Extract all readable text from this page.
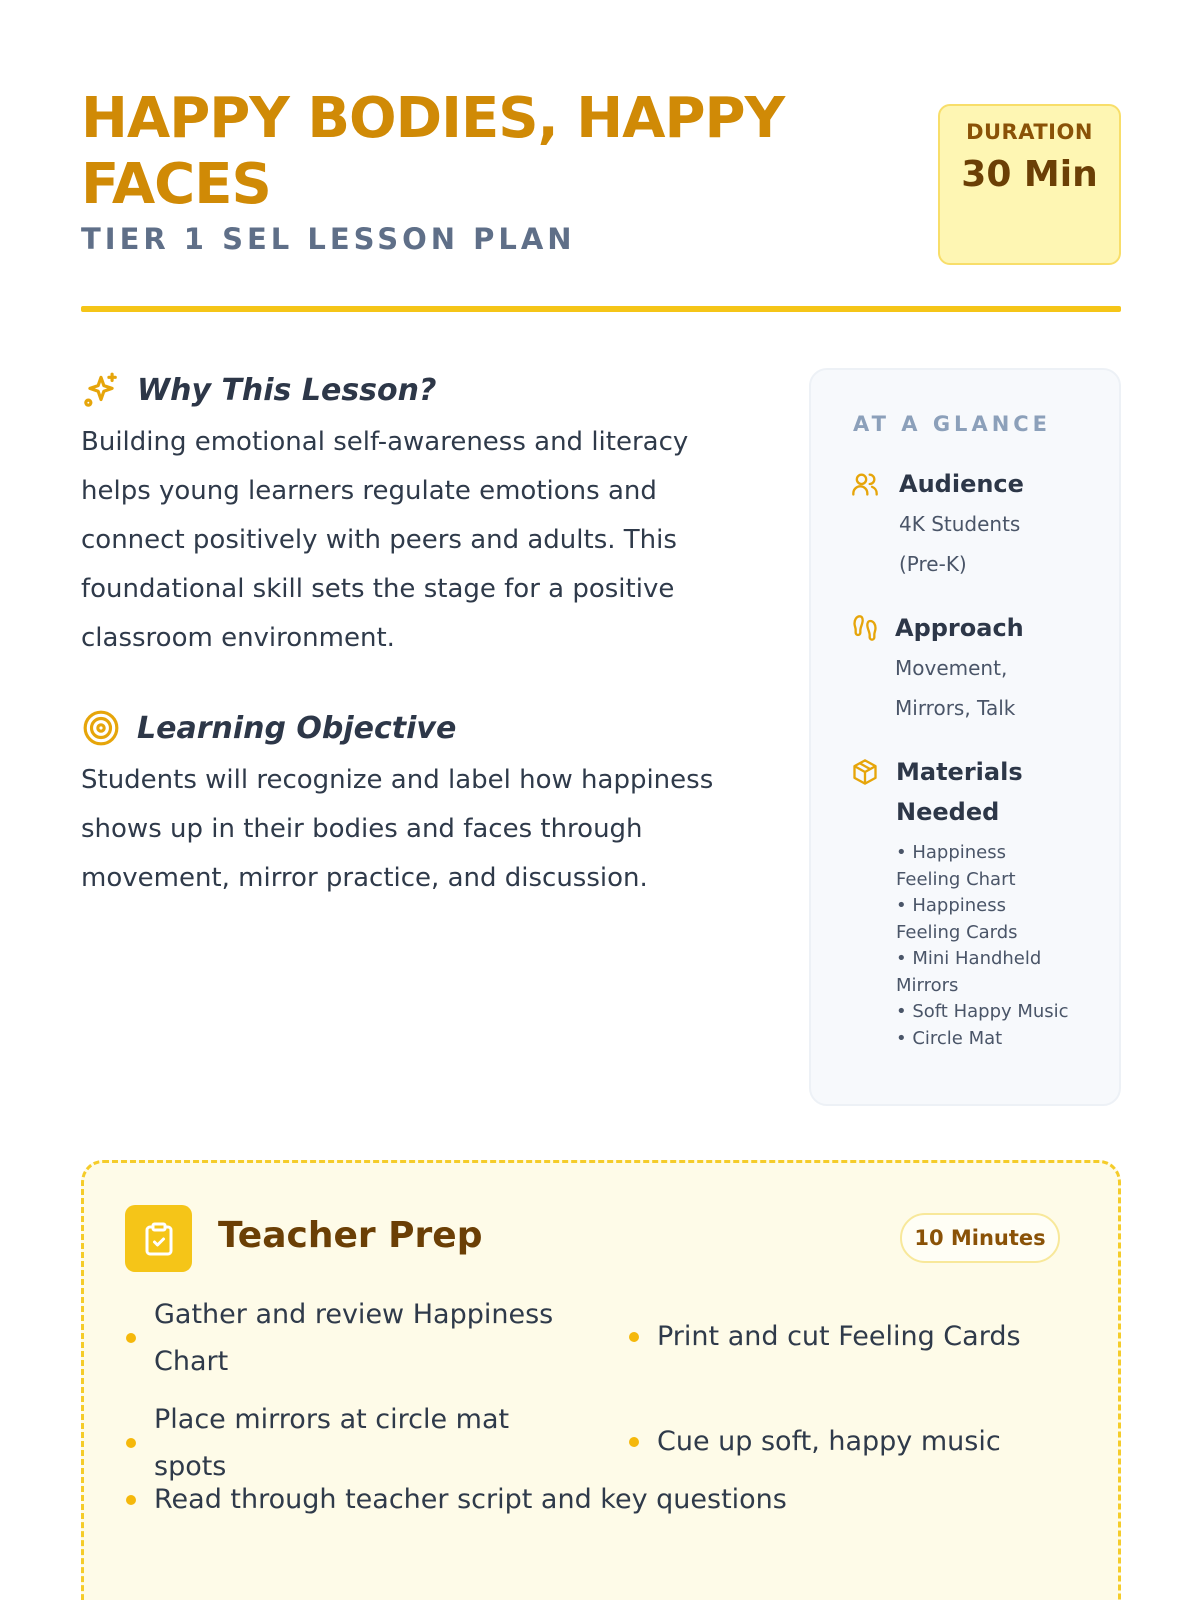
HAPPY BODIES, HAPPY FACES
TIER 1 SEL LESSON PLAN
DURATION
30 Min
Why This Lesson?

Building emotional self-awareness and literacy helps young learners regulate emotions and connect positively with peers and adults. This foundational skill sets the stage for a positive classroom environment.

Learning Objective

Students will recognize and label how happiness shows up in their bodies and faces through movement, mirror practice, and discussion.

AT A GLANCE
Audience
4K Students (Pre-K)
Approach
Movement, Mirrors, Talk
Materials Needed
• Happiness Feeling Chart
• Happiness Feeling Cards
• Mini Handheld Mirrors
• Soft Happy Music
• Circle Mat
Teacher Prep	10 Minutes
Gather and review Happiness Chart
Print and cut Feeling Cards
Place mirrors at circle mat spots
Cue up soft, happy music
Read through teacher script and key questions
